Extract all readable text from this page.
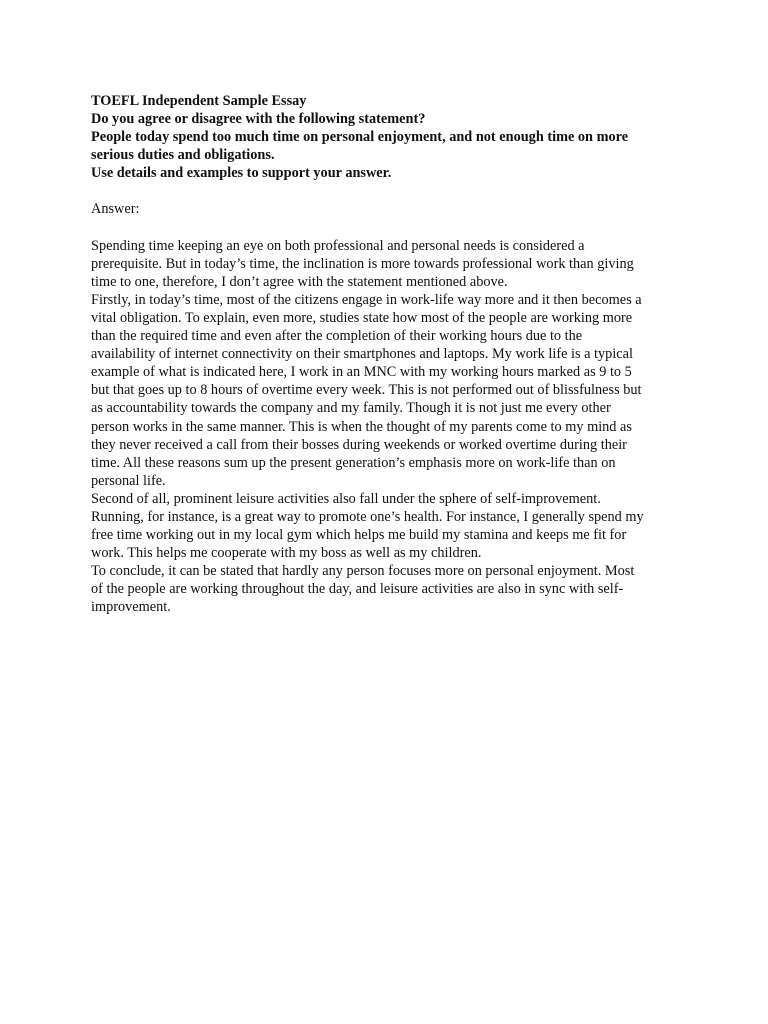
TOEFL Independent Sample Essay
Do you agree or disagree with the following statement?
People today spend too much time on personal enjoyment, and not enough time on more
serious duties and obligations.
Use details and examples to support your answer.
Answer:
Spending time keeping an eye on both professional and personal needs is considered a
prerequisite. But in today’s time, the inclination is more towards professional work than giving
time to one, therefore, I don’t agree with the statement mentioned above.
Firstly, in today’s time, most of the citizens engage in work-life way more and it then becomes a
vital obligation. To explain, even more, studies state how most of the people are working more
than the required time and even after the completion of their working hours due to the
availability of internet connectivity on their smartphones and laptops. My work life is a typical
example of what is indicated here, I work in an MNC with my working hours marked as 9 to 5
but that goes up to 8 hours of overtime every week. This is not performed out of blissfulness but
as accountability towards the company and my family. Though it is not just me every other
person works in the same manner. This is when the thought of my parents come to my mind as
they never received a call from their bosses during weekends or worked overtime during their
time. All these reasons sum up the present generation’s emphasis more on work-life than on
personal life.
Second of all, prominent leisure activities also fall under the sphere of self-improvement.
Running, for instance, is a great way to promote one’s health. For instance, I generally spend my
free time working out in my local gym which helps me build my stamina and keeps me fit for
work. This helps me cooperate with my boss as well as my children.
To conclude, it can be stated that hardly any person focuses more on personal enjoyment. Most
of the people are working throughout the day, and leisure activities are also in sync with self-
improvement.
